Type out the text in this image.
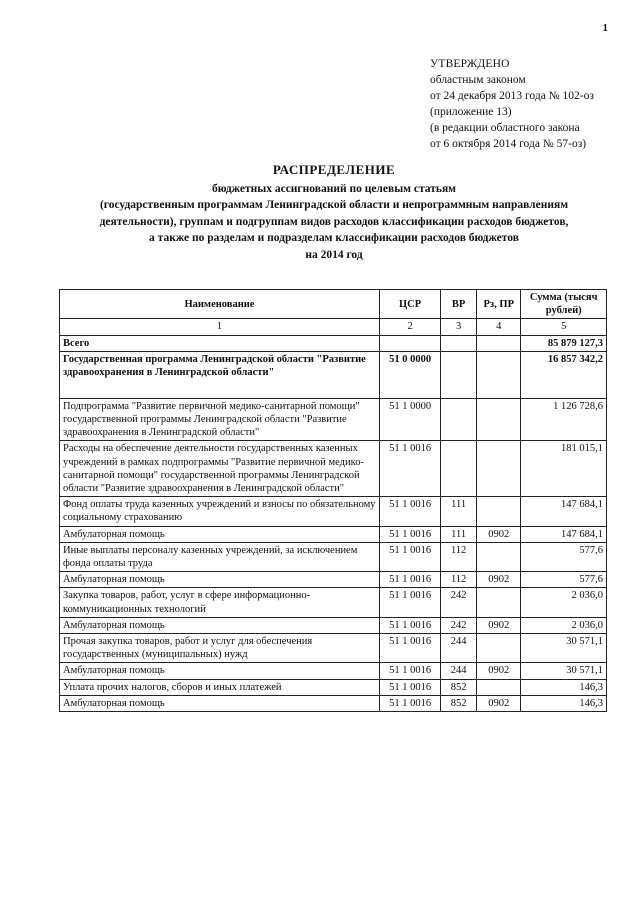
1
УТВЕРЖДЕНО
областным законом
от 24 декабря 2013 года № 102-оз
(приложение 13)
(в редакции областного закона
от 6 октября 2014 года № 57-оз)
РАСПРЕДЕЛЕНИЕ
бюджетных ассигнований по целевым статьям
(государственным программам Ленинградской области и непрограммным направлениям
деятельности), группам и подгруппам видов расходов классификации расходов бюджетов,
а также по разделам и подразделам классификации расходов бюджетов
на 2014 год
Наименование	ЦСР	ВР	Рз, ПР	Сумма (тысяч рублей)
1	2	3	4	5
Всего				85 879 127,3
Государственная программа Ленинградской области "Развитие здравоохранения в Ленинградской области"	51 0 0000			16 857 342,2
Подпрограмма "Развитие первичной медико-санитарной помощи" государственной программы Ленинградской области "Развитие здравоохранения в Ленинградской области"	51 1 0000			1 126 728,6
Расходы на обеспечение деятельности государственных казенных учреждений в рамках подпрограммы "Развитие первичной медико-санитарной помощи" государственной программы Ленинградской области "Развитие здравоохранения в Ленинградской области"	51 1 0016			181 015,1
Фонд оплаты труда казенных учреждений и взносы по обязательному социальному страхованию	51 1 0016	111		147 684,1
Амбулаторная помощь	51 1 0016	111	0902	147 684,1
Иные выплаты персоналу казенных учреждений, за исключением фонда оплаты труда	51 1 0016	112		577,6
Амбулаторная помощь	51 1 0016	112	0902	577,6
Закупка товаров, работ, услуг в сфере информационно-коммуникационных технологий	51 1 0016	242		2 036,0
Амбулаторная помощь	51 1 0016	242	0902	2 036,0
Прочая закупка товаров, работ и услуг для обеспечения государственных (муниципальных) нужд	51 1 0016	244		30 571,1
Амбулаторная помощь	51 1 0016	244	0902	30 571,1
Уплата прочих налогов, сборов и иных платежей	51 1 0016	852		146,3
Амбулаторная помощь	51 1 0016	852	0902	146,3
